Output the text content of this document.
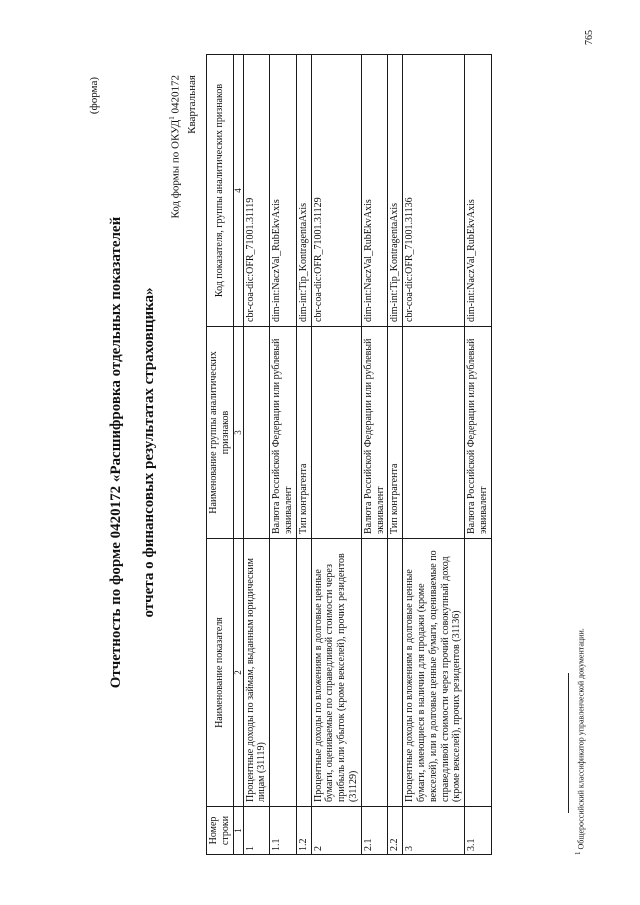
(форма)
Отчетность по форме 0420172 «Расшифровка отдельных показателей отчета о финансовых результатах страховщика»
Код формы по ОКУД$^1$ 0420172 Квартальная
Номер строки	Наименование показателя	Наименование группы аналитических признаков	Код показателя, группы аналитических признаков
1	2	3	4
1	Процентные доходы по займам, выданным юридическим лицам (31119)		cbr-coa-dic:OFR_71001.31119
1.1		Валюта Российской Федерации или рублевый эквивалент	dim-int:NaczVal_RubEkvAxis
1.2		Тип контрагента	dim-int:Tip_KontragentaAxis
2	Процентные доходы по вложениям в долговые ценные бумаги, оцениваемые по справедливой стоимости через прибыль или убыток (кроме векселей), прочих резидентов (31129)		cbr-coa-dic:OFR_71001.31129
2.1		Валюта Российской Федерации или рублевый эквивалент	dim-int:NaczVal_RubEkvAxis
2.2		Тип контрагента	dim-int:Tip_KontragentaAxis
3	Процентные доходы по вложениям в долговые ценные бумаги, имеющиеся в наличии для продажи (кроме векселей), или в долговые ценные бумаги, оцениваемые по справедливой стоимости через прочий совокупный доход (кроме векселей), прочих резидентов (31136)		cbr-coa-dic:OFR_71001.31136
3.1		Валюта Российской Федерации или рублевый эквивалент	dim-int:NaczVal_RubEkvAxis
$^1$ Общероссийский классификатор управленческой документации.
765
